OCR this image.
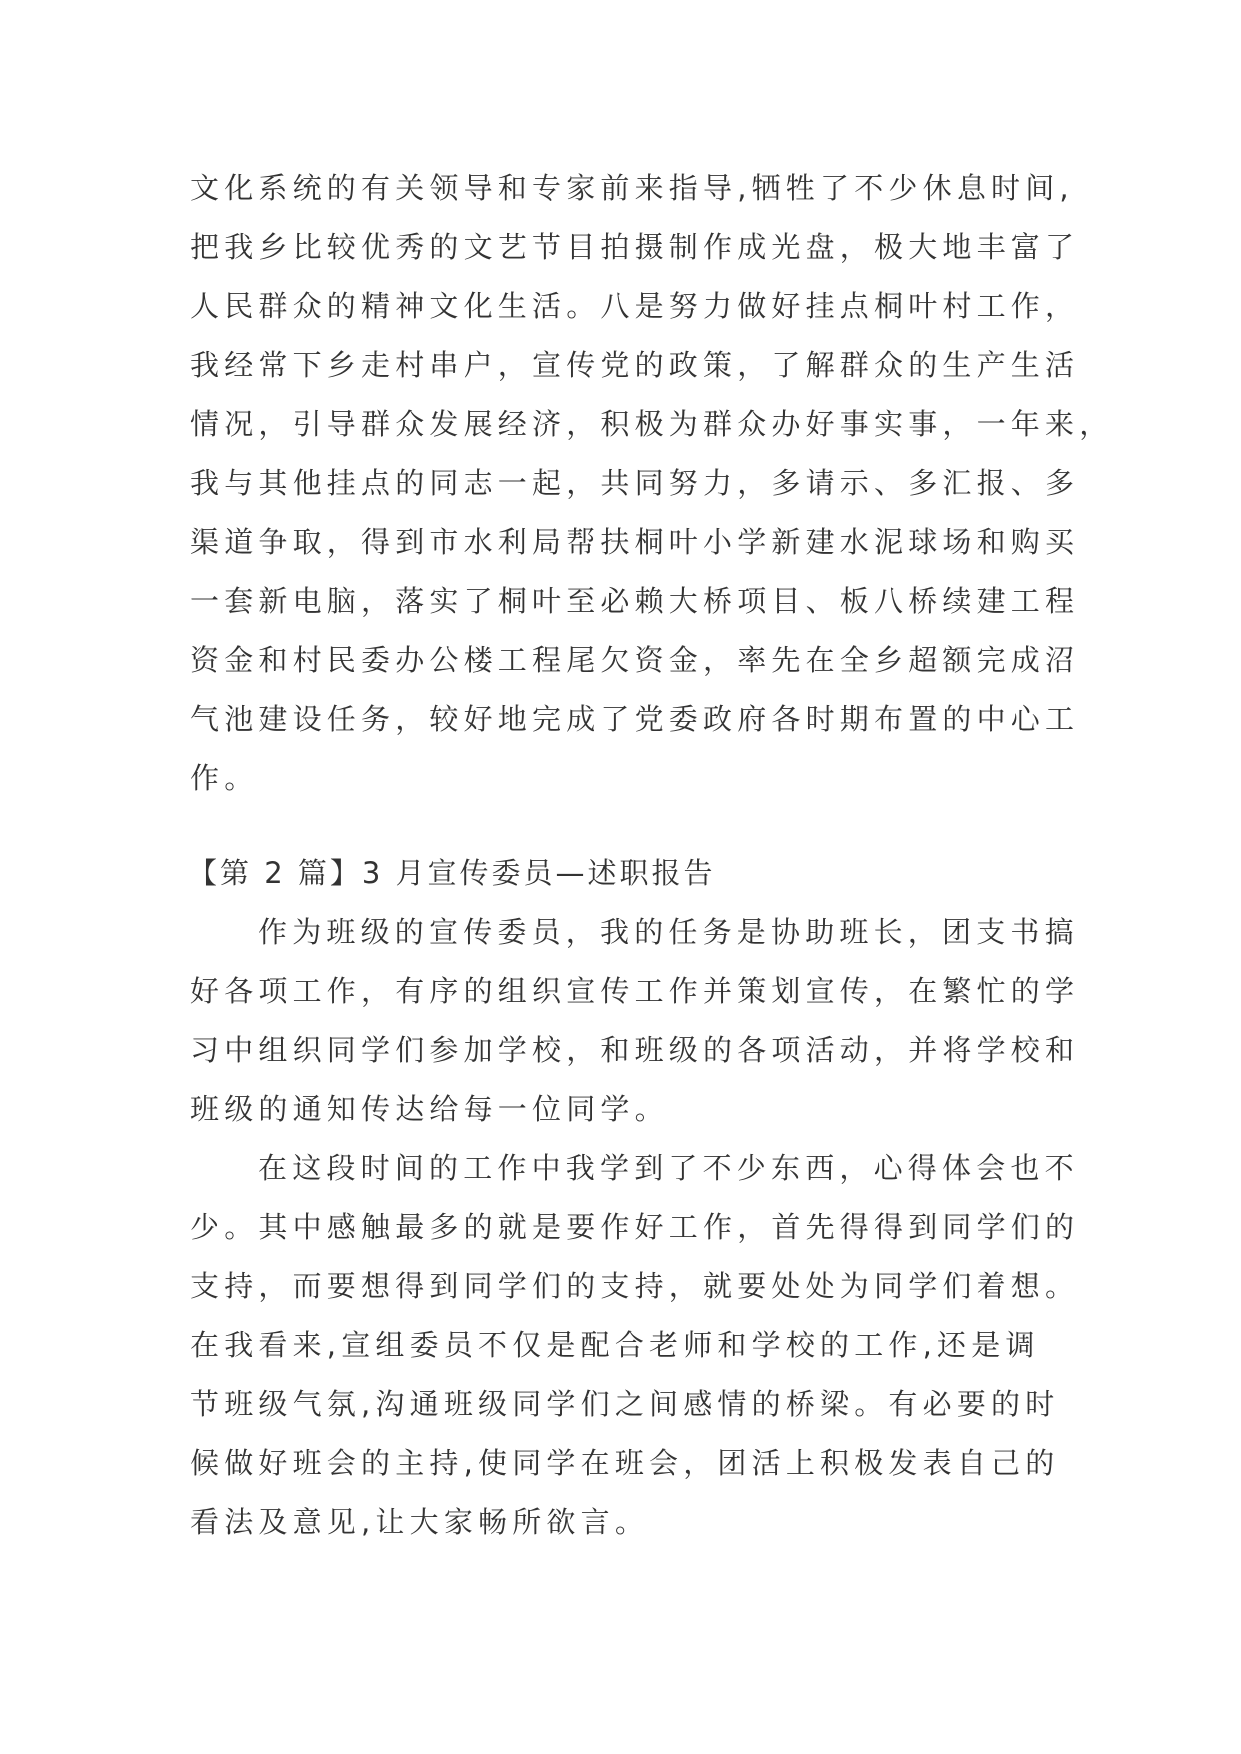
文化系统的有关领导和专家前来指导,牺牲了不少休息时间,
把我乡比较优秀的文艺节目拍摄制作成光盘，极大地丰富了
人民群众的精神文化生活。八是努力做好挂点桐叶村工作，
我经常下乡走村串户，宣传党的政策，了解群众的生产生活
情况，引导群众发展经济，积极为群众办好事实事，一年来，
我与其他挂点的同志一起，共同努力，多请示、多汇报、多
渠道争取，得到市水利局帮扶桐叶小学新建水泥球场和购买
一套新电脑，落实了桐叶至必赖大桥项目、板八桥续建工程
资金和村民委办公楼工程尾欠资金，率先在全乡超额完成沼
气池建设任务，较好地完成了党委政府各时期布置的中心工
作。
【第 2 篇】3 月宣传委员—述职报告
作为班级的宣传委员，我的任务是协助班长，团支书搞
好各项工作，有序的组织宣传工作并策划宣传，在繁忙的学
习中组织同学们参加学校，和班级的各项活动，并将学校和
班级的通知传达给每一位同学。
在这段时间的工作中我学到了不少东西，心得体会也不
少。其中感触最多的就是要作好工作，首先得得到同学们的
支持，而要想得到同学们的支持，就要处处为同学们着想。
在我看来,宣组委员不仅是配合老师和学校的工作,还是调
节班级气氛,沟通班级同学们之间感情的桥梁。有必要的时
候做好班会的主持,使同学在班会，团活上积极发表自己的
看法及意见,让大家畅所欲言。
